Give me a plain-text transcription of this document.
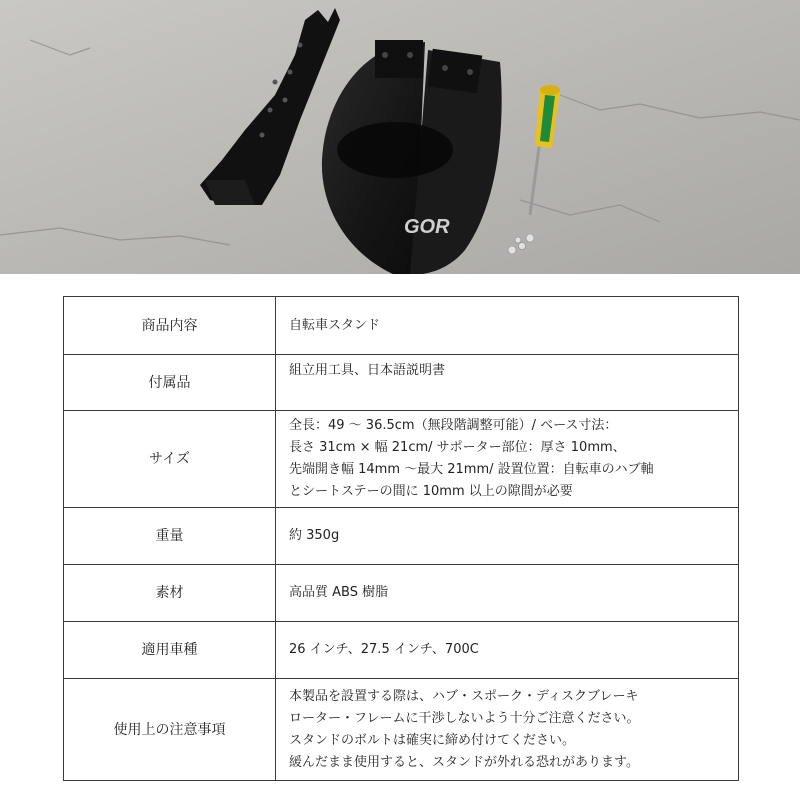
GOR
商品内容	自転車スタンド

付属品	組立用工具、日本語説明書

サイズ	全長：49 ～ 36.5cm（無段階調整可能）/ ベース寸法：
長さ 31cm × 幅 21cm/ サポーター部位：厚さ 10mm、
先端開き幅 14mm ～最大 21mm/ 設置位置：自転車のハブ軸
とシートステーの間に 10mm 以上の隙間が必要

重量	約 350g

素材	高品質 ABS 樹脂

適用車種	26 インチ、27.5 インチ、700C

使用上の注意事項	本製品を設置する際は、ハブ・スポーク・ディスクブレーキ
ローター・フレームに干渉しないよう十分ご注意ください。
スタンドのボルトは確実に締め付けてください。
緩んだまま使用すると、スタンドが外れる恐れがあります。
